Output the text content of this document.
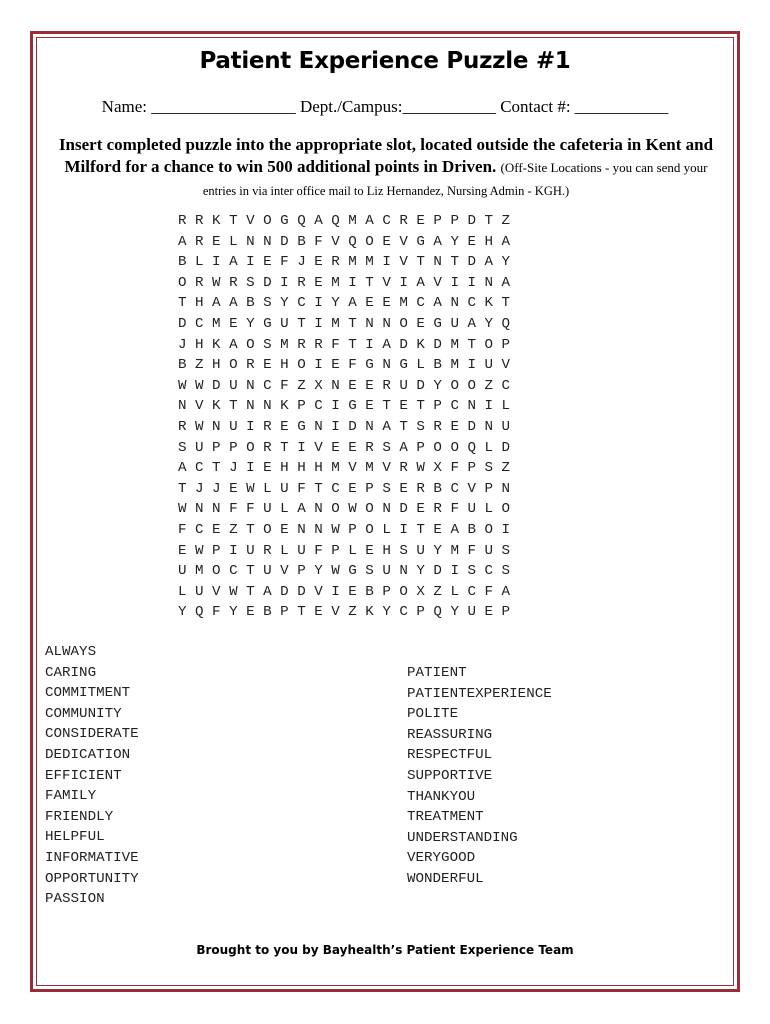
Patient Experience Puzzle #1
Name: _________________ Dept./Campus:___________ Contact #: ___________
Insert completed puzzle into the appropriate slot, located outside the cafeteria in Kent and Milford for a chance to win 500 additional points in Driven. (Off-Site Locations - you can send your
entries in via inter office mail to Liz Hernandez, Nursing Admin - KGH.)
R R K T V O G Q A Q M A C R E P P D T Z
A R E L N N D B F V Q O E V G A Y E H A
B L I A I E F J E R M M I V T N T D A Y
O R W R S D I R E M I T V I A V I I N A
T H A A B S Y C I Y A E E M C A N C K T
D C M E Y G U T I M T N N O E G U A Y Q
J H K A O S M R R F T I A D K D M T O P
B Z H O R E H O I E F G N G L B M I U V
W W D U N C F Z X N E E R U D Y O O Z C
N V K T N N K P C I G E T E T P C N I L
R W N U I R E G N I D N A T S R E D N U
S U P P O R T I V E E R S A P O O Q L D
A C T J I E H H H M V M V R W X F P S Z
T J J E W L U F T C E P S E R B C V P N
W N N F F U L A N O W O N D E R F U L O
F C E Z T O E N N W P O L I T E A B O I
E W P I U R L U F P L E H S U Y M F U S
U M O C T U V P Y W G S U N Y D I S C S
L U V W T A D D V I E B P O X Z L C F A
Y Q F Y E B P T E V Z K Y C P Q Y U E P
ALWAYS
CARING
COMMITMENT
COMMUNITY
CONSIDERATE
DEDICATION
EFFICIENT
FAMILY
FRIENDLY
HELPFUL
INFORMATIVE
OPPORTUNITY
PASSION
PATIENT
PATIENTEXPERIENCE
POLITE
REASSURING
RESPECTFUL
SUPPORTIVE
THANKYOU
TREATMENT
UNDERSTANDING
VERYGOOD
WONDERFUL
Brought to you by Bayhealth’s Patient Experience Team
